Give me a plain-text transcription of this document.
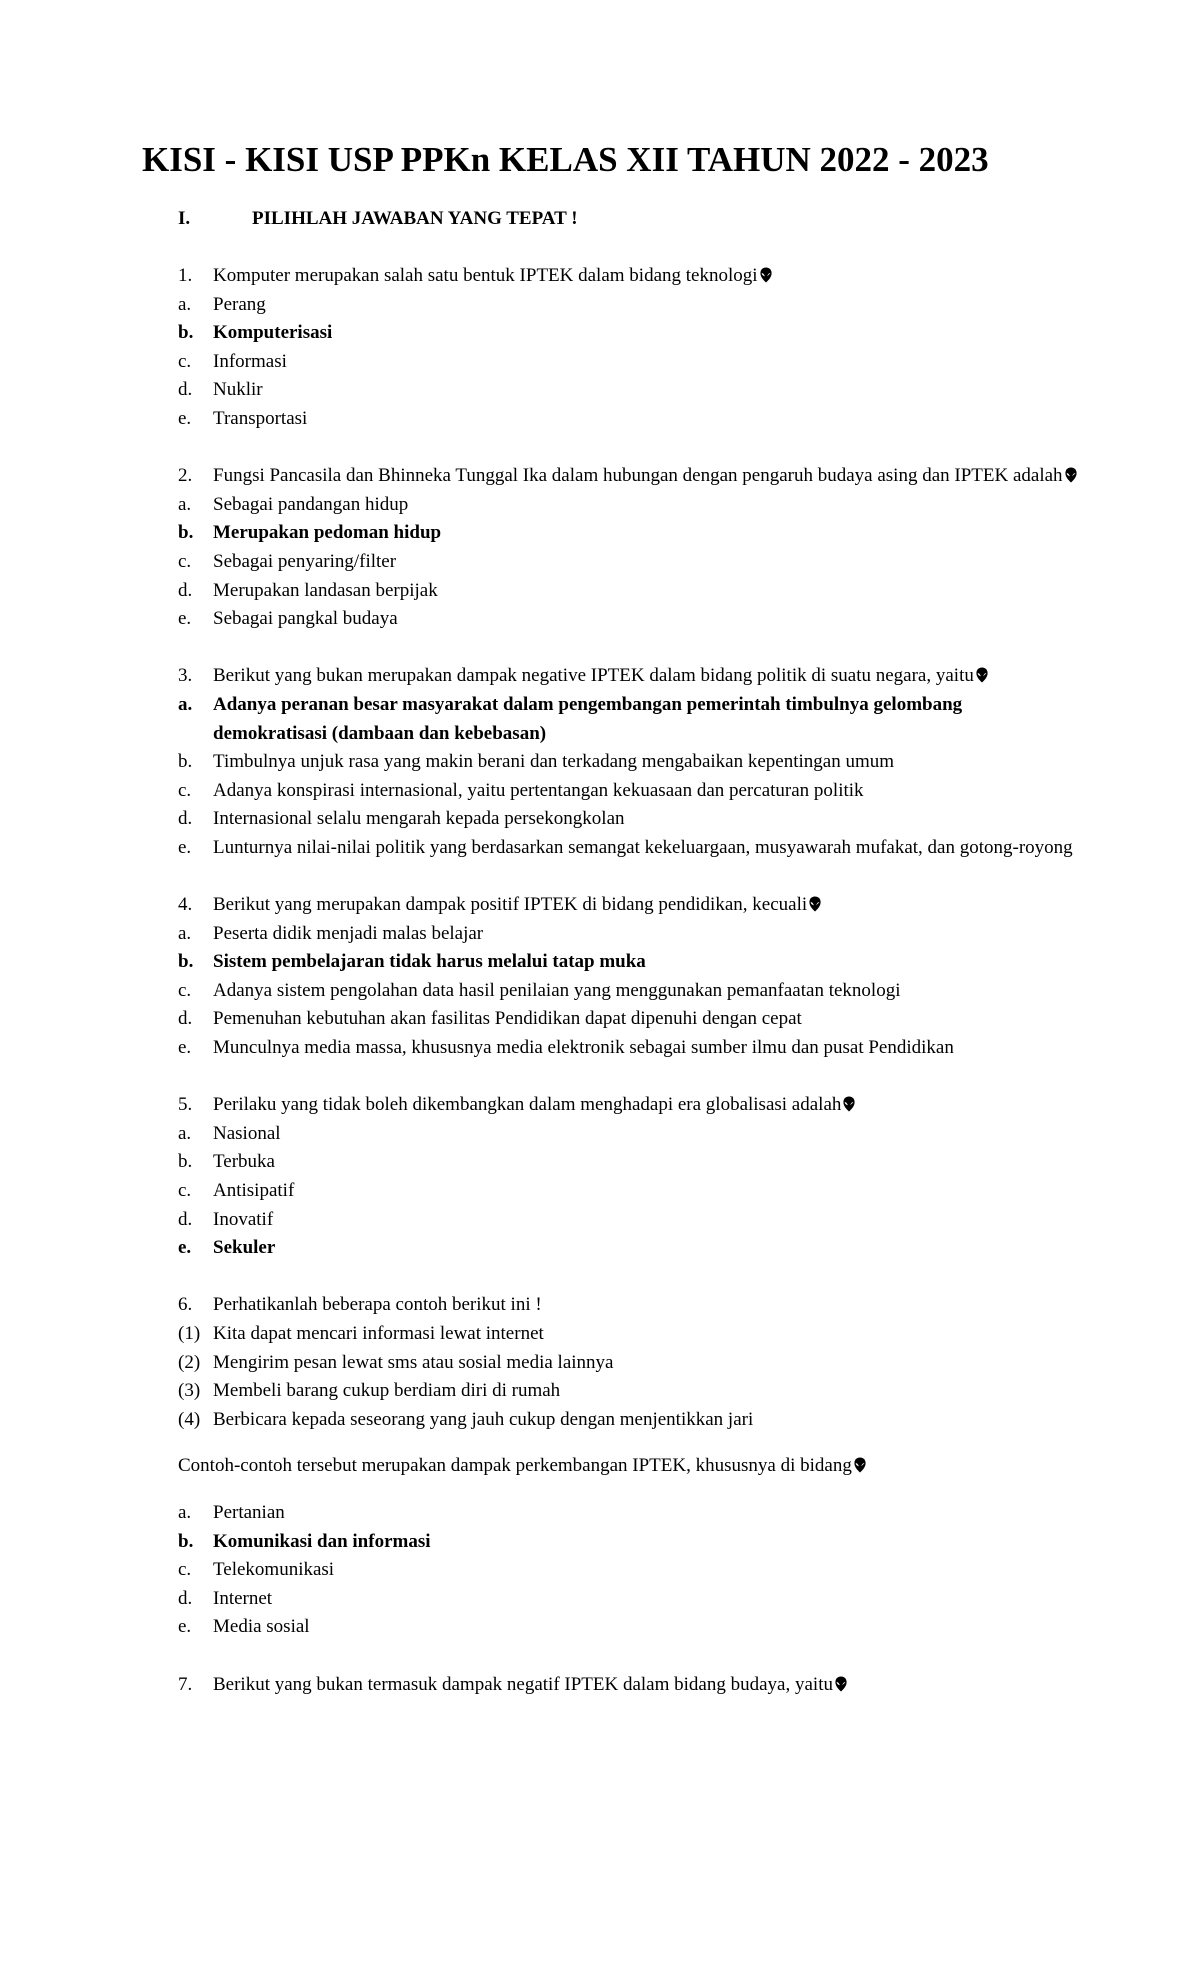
KISI - KISI USP PPKn KELAS XII TAHUN 2022 - 2023
I.	PILIHLAH JAWABAN YANG TEPAT !
1.	Komputer merupakan salah satu bentuk IPTEK dalam bidang teknologi
a.	Perang
b.	Komputerisasi
c.	Informasi
d.	Nuklir
e.	Transportasi
2.	Fungsi Pancasila dan Bhinneka Tunggal Ika dalam hubungan dengan pengaruh budaya asing dan IPTEK adalah
a.	Sebagai pandangan hidup
b.	Merupakan pedoman hidup
c.	Sebagai penyaring/filter
d.	Merupakan landasan berpijak
e.	Sebagai pangkal budaya
3.	Berikut yang bukan merupakan dampak negative IPTEK dalam bidang politik di suatu negara, yaitu
a.	Adanya peranan besar masyarakat dalam pengembangan pemerintah timbulnya gelombang demokratisasi (dambaan dan kebebasan)
b.	Timbulnya unjuk rasa yang makin berani dan terkadang mengabaikan kepentingan umum
c.	Adanya konspirasi internasional, yaitu pertentangan kekuasaan dan percaturan politik
d.	Internasional selalu mengarah kepada persekongkolan
e.	Lunturnya nilai-nilai politik yang berdasarkan semangat kekeluargaan, musyawarah mufakat, dan gotong-royong
4.	Berikut yang merupakan dampak positif IPTEK di bidang pendidikan, kecuali
a.	Peserta didik menjadi malas belajar
b.	Sistem pembelajaran tidak harus melalui tatap muka
c.	Adanya sistem pengolahan data hasil penilaian yang menggunakan pemanfaatan teknologi
d.	Pemenuhan kebutuhan akan fasilitas Pendidikan dapat dipenuhi dengan cepat
e.	Munculnya media massa, khususnya media elektronik sebagai sumber ilmu dan pusat Pendidikan
5.	Perilaku yang tidak boleh dikembangkan dalam menghadapi era globalisasi adalah
a.	Nasional
b.	Terbuka
c.	Antisipatif
d.	Inovatif
e.	Sekuler
6.	Perhatikanlah beberapa contoh berikut ini !
(1) Kita dapat mencari informasi lewat internet
(2) Mengirim pesan lewat sms atau sosial media lainnya
(3) Membeli barang cukup berdiam diri di rumah
(4) Berbicara kepada seseorang yang jauh cukup dengan menjentikkan jari
Contoh-contoh tersebut merupakan dampak perkembangan IPTEK, khususnya di bidang
a.	Pertanian
b.	Komunikasi dan informasi
c.	Telekomunikasi
d.	Internet
e.	Media sosial
7.	Berikut yang bukan termasuk dampak negatif IPTEK dalam bidang budaya, yaitu
